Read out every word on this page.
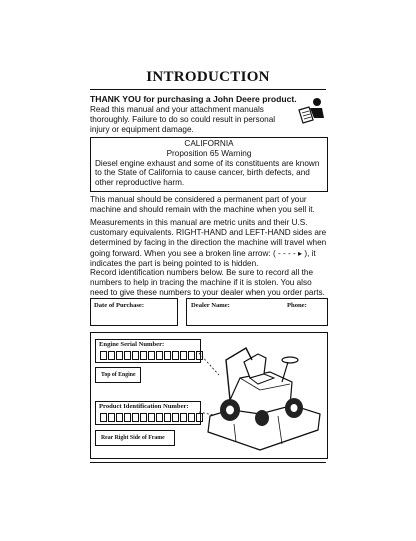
INTRODUCTION
THANK YOU for purchasing a John Deere product.
Read this manual and your attachment manuals thoroughly. Failure to do so could result in personal injury or equipment damage.
CALIFORNIA
Proposition 65 Warning
Diesel engine exhaust and some of its constituents are known to the State of California to cause cancer, birth defects, and other reproductive harm.
This manual should be considered a permanent part of your machine and should remain with the machine when you sell it.
Measurements in this manual are metric units and their U.S. customary equivalents. RIGHT-HAND and LEFT-HAND sides are determined by facing in the direction the machine will travel when going forward. When you see a broken line arrow: ( - - - - ▸ ), it indicates the part is being pointed to is hidden.
Record identification numbers below. Be sure to record all the numbers to help in tracing the machine if it is stolen. You also need to give these numbers to your dealer when you order parts.
Date of Purchase:	Dealer Name:	Phone:
Engine Serial Number:
Top of Engine
Product Identification Number:
Rear Right Side of Frame
